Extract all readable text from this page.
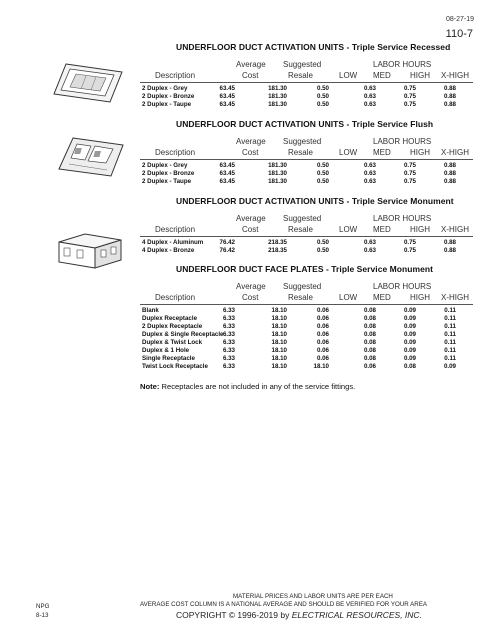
08-27-19
110-7
UNDERFLOOR DUCT ACTIVATION UNITS - Triple Service Recessed
Average Suggested	LABOR HOURS
Description	Cost	Resale	LOW MED HIGH X-HIGH
2 Duplex - Grey	63.45	181.30	0.50	0.63	0.75	0.88
2 Duplex - Bronze	63.45	181.30	0.50	0.63	0.75	0.88
2 Duplex - Taupe	63.45	181.30	0.50	0.63	0.75	0.88
UNDERFLOOR DUCT ACTIVATION UNITS - Triple Service Flush
Average Suggested	LABOR HOURS
Description	Cost	Resale	LOW MED HIGH X-HIGH
2 Duplex - Grey	63.45	181.30	0.50	0.63	0.75	0.88
2 Duplex - Bronze	63.45	181.30	0.50	0.63	0.75	0.88
2 Duplex - Taupe	63.45	181.30	0.50	0.63	0.75	0.88
UNDERFLOOR DUCT ACTIVATION UNITS - Triple Service Monument
Average Suggested	LABOR HOURS
Description	Cost	Resale	LOW MED HIGH X-HIGH
4 Duplex - Aluminum	76.42	218.35	0.50	0.63	0.75	0.88
4 Duplex - Bronze	76.42	218.35	0.50	0.63	0.75	0.88
UNDERFLOOR DUCT FACE PLATES - Triple Service Monument
Average Suggested	LABOR HOURS
Description	Cost	Resale	LOW MED HIGH X-HIGH
Blank	6.33	18.10	0.06	0.08	0.09	0.11
Duplex Receptacle	6.33	18.10	0.06	0.08	0.09	0.11
2 Duplex Receptacle	6.33	18.10	0.06	0.08	0.09	0.11
Duplex & Single Receptacle 6.33	18.10	0.06	0.08	0.09	0.11
Duplex & Twist Lock	6.33	18.10	0.06	0.08	0.09	0.11
Duplex & 1 Hole	6.33	18.10	0.06	0.08	0.09	0.11
Single Receptacle	6.33	18.10	0.06	0.08	0.09	0.11
Twist Lock Receptacle 6.33	18.10	18.10	0.06	0.08	0.09
Note: Receptacles are not included in any of the service fittings.
NPG
8-13
MATERIAL PRICES AND LABOR UNITS ARE PER EACH
AVERAGE COST COLUMN IS A NATIONAL AVERAGE AND SHOULD BE VERIFIED FOR YOUR AREA
COPYRIGHT © 1996-2019 by ELECTRICAL RESOURCES, INC.
